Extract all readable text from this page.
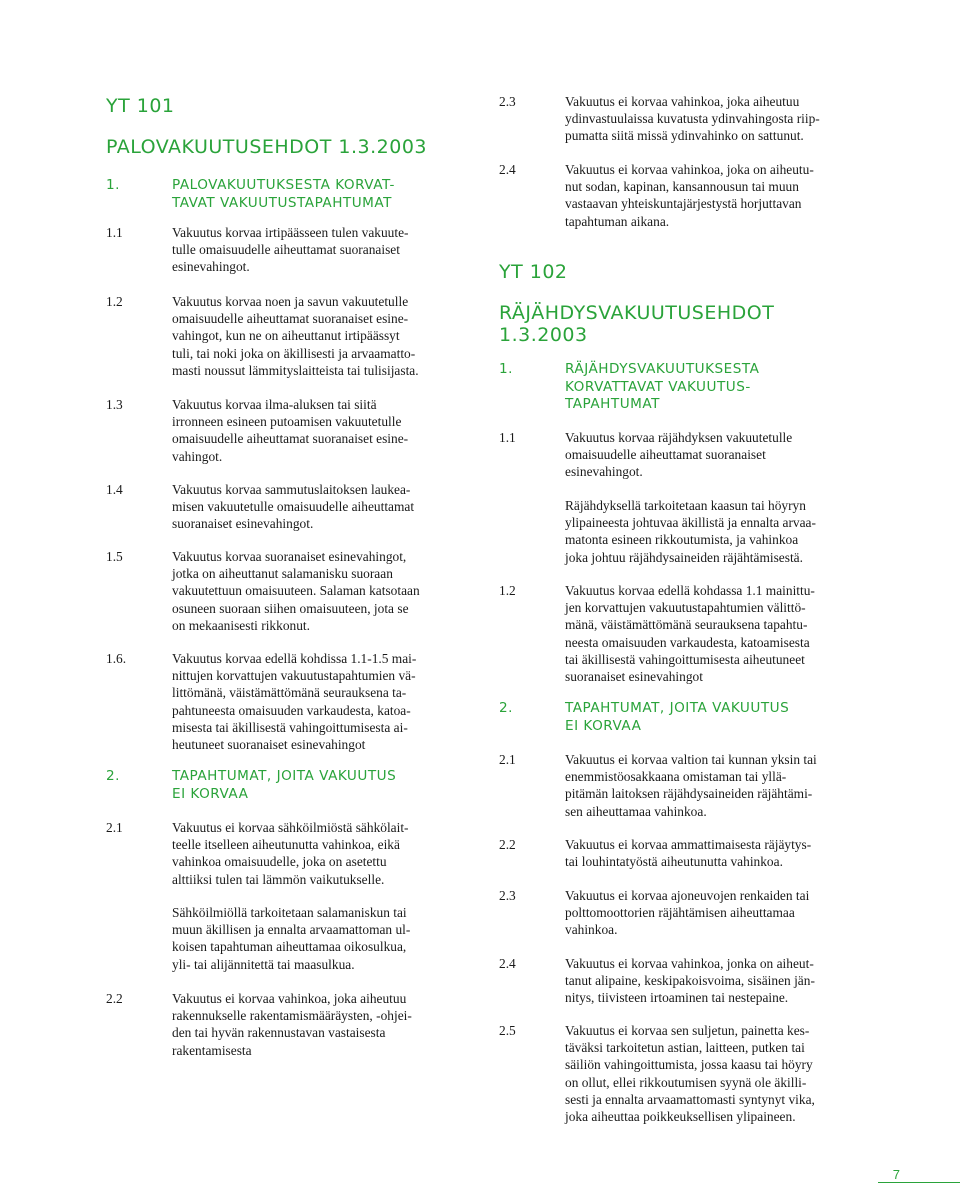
YT 101
PALOVAKUUTUSEHDOT 1.3.2003
1.	PALOVAKUUTUKSESTA KORVAT-
TAVAT VAKUUTUSTAPAHTUMAT
1.1	Vakuutus korvaa irtipäässeen tulen vakuute-
tulle omaisuudelle aiheuttamat suoranaiset
esinevahingot.
1.2	Vakuutus korvaa noen ja savun vakuutetulle
omaisuudelle aiheuttamat suoranaiset esine-
vahingot, kun ne on aiheuttanut irtipäässyt
tuli, tai noki joka on äkillisesti ja arvaamatto-
masti noussut lämmityslaitteista tai tulisijasta.
1.3	Vakuutus korvaa ilma-aluksen tai siitä
irronneen esineen putoamisen vakuutetulle
omaisuudelle aiheuttamat suoranaiset esine-
vahingot.
1.4	Vakuutus korvaa sammutuslaitoksen laukea-
misen vakuutetulle omaisuudelle aiheuttamat
suoranaiset esinevahingot.
1.5	Vakuutus korvaa suoranaiset esinevahingot,
jotka on aiheuttanut salamanisku suoraan
vakuutettuun omaisuuteen. Salaman katsotaan
osuneen suoraan siihen omaisuuteen, jota se
on mekaanisesti rikkonut.
1.6.	Vakuutus korvaa edellä kohdissa 1.1-1.5 mai-
nittujen korvattujen vakuutustapahtumien vä-
littömänä, väistämättömänä seurauksena ta-
pahtuneesta omaisuuden varkaudesta, katoa-
misesta tai äkillisestä vahingoittumisesta ai-
heutuneet suoranaiset esinevahingot
2.	TAPAHTUMAT, JOITA VAKUUTUS
EI KORVAA
2.1	Vakuutus ei korvaa sähköilmiöstä sähkölait-
teelle itselleen aiheutunutta vahinkoa, eikä
vahinkoa omaisuudelle, joka on asetettu
alttiiksi tulen tai lämmön vaikutukselle.
Sähköilmiöllä tarkoitetaan salamaniskun tai
muun äkillisen ja ennalta arvaamattoman ul-
koisen tapahtuman aiheuttamaa oikosulkua,
yli- tai alijännitettä tai maasulkua.
2.2	Vakuutus ei korvaa vahinkoa, joka aiheutuu
rakennukselle rakentamismääräysten, -ohjei-
den tai hyvän rakennustavan vastaisesta
rakentamisesta
2.3	Vakuutus ei korvaa vahinkoa, joka aiheutuu
ydinvastuulaissa kuvatusta ydinvahingosta riip-
pumatta siitä missä ydinvahinko on sattunut.
2.4	Vakuutus ei korvaa vahinkoa, joka on aiheutu-
nut sodan, kapinan, kansannousun tai muun
vastaavan yhteiskuntajärjestystä horjuttavan
tapahtuman aikana.
YT 102
RÄJÄHDYSVAKUUTUSEHDOT
1.3.2003
1.	RÄJÄHDYSVAKUUTUKSESTA
KORVATTAVAT VAKUUTUS-
TAPAHTUMAT
1.1	Vakuutus korvaa räjähdyksen vakuutetulle
omaisuudelle aiheuttamat suoranaiset
esinevahingot.
Räjähdyksellä tarkoitetaan kaasun tai höyryn
ylipaineesta johtuvaa äkillistä ja ennalta arvaa-
matonta esineen rikkoutumista, ja vahinkoa
joka johtuu räjähdysaineiden räjähtämisestä.
1.2	Vakuutus korvaa edellä kohdassa 1.1 mainittu-
jen korvattujen vakuutustapahtumien välittö-
mänä, väistämättömänä seurauksena tapahtu-
neesta omaisuuden varkaudesta, katoamisesta
tai äkillisestä vahingoittumisesta aiheutuneet
suoranaiset esinevahingot
2.	TAPAHTUMAT, JOITA VAKUUTUS
EI KORVAA
2.1	Vakuutus ei korvaa valtion tai kunnan yksin tai
enemmistöosakkaana omistaman tai yllä-
pitämän laitoksen räjähdysaineiden räjähtämi-
sen aiheuttamaa vahinkoa.
2.2	Vakuutus ei korvaa ammattimaisesta räjäytys-
tai louhintatyöstä aiheutunutta vahinkoa.
2.3	Vakuutus ei korvaa ajoneuvojen renkaiden tai
polttomoottorien räjähtämisen aiheuttamaa
vahinkoa.
2.4	Vakuutus ei korvaa vahinkoa, jonka on aiheut-
tanut alipaine, keskipakoisvoima, sisäinen jän-
nitys, tiivisteen irtoaminen tai nestepaine.
2.5	Vakuutus ei korvaa sen suljetun, painetta kes-
täväksi tarkoitetun astian, laitteen, putken tai
säiliön vahingoittumista, jossa kaasu tai höyry
on ollut, ellei rikkoutumisen syynä ole äkilli-
sesti ja ennalta arvaamattomasti syntynyt vika,
joka aiheuttaa poikkeuksellisen ylipaineen.
7
